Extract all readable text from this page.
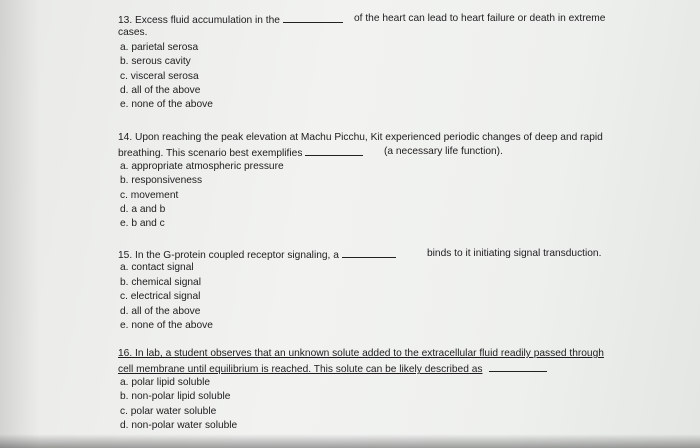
13. Excess fluid accumulation in the	of the heart can lead to heart failure or death in extreme
cases.
a. parietal serosa
b. serous cavity
c. visceral serosa
d. all of the above
e. none of the above
14. Upon reaching the peak elevation at Machu Picchu, Kit experienced periodic changes of deep and rapid
breathing. This scenario best exemplifies	(a necessary life function).
a. appropriate atmospheric pressure
b. responsiveness
c. movement
d. a and b
e. b and c
15. In the G-protein coupled receptor signaling, a	binds to it initiating signal transduction.
a. contact signal
b. chemical signal
c. electrical signal
d. all of the above
e. none of the above
16. In lab, a student observes that an unknown solute added to the extracellular fluid readily passed through
cell membrane until equilibrium is reached. This solute can be likely described as
a. polar lipid soluble
b. non-polar lipid soluble
c. polar water soluble
d. non-polar water soluble
